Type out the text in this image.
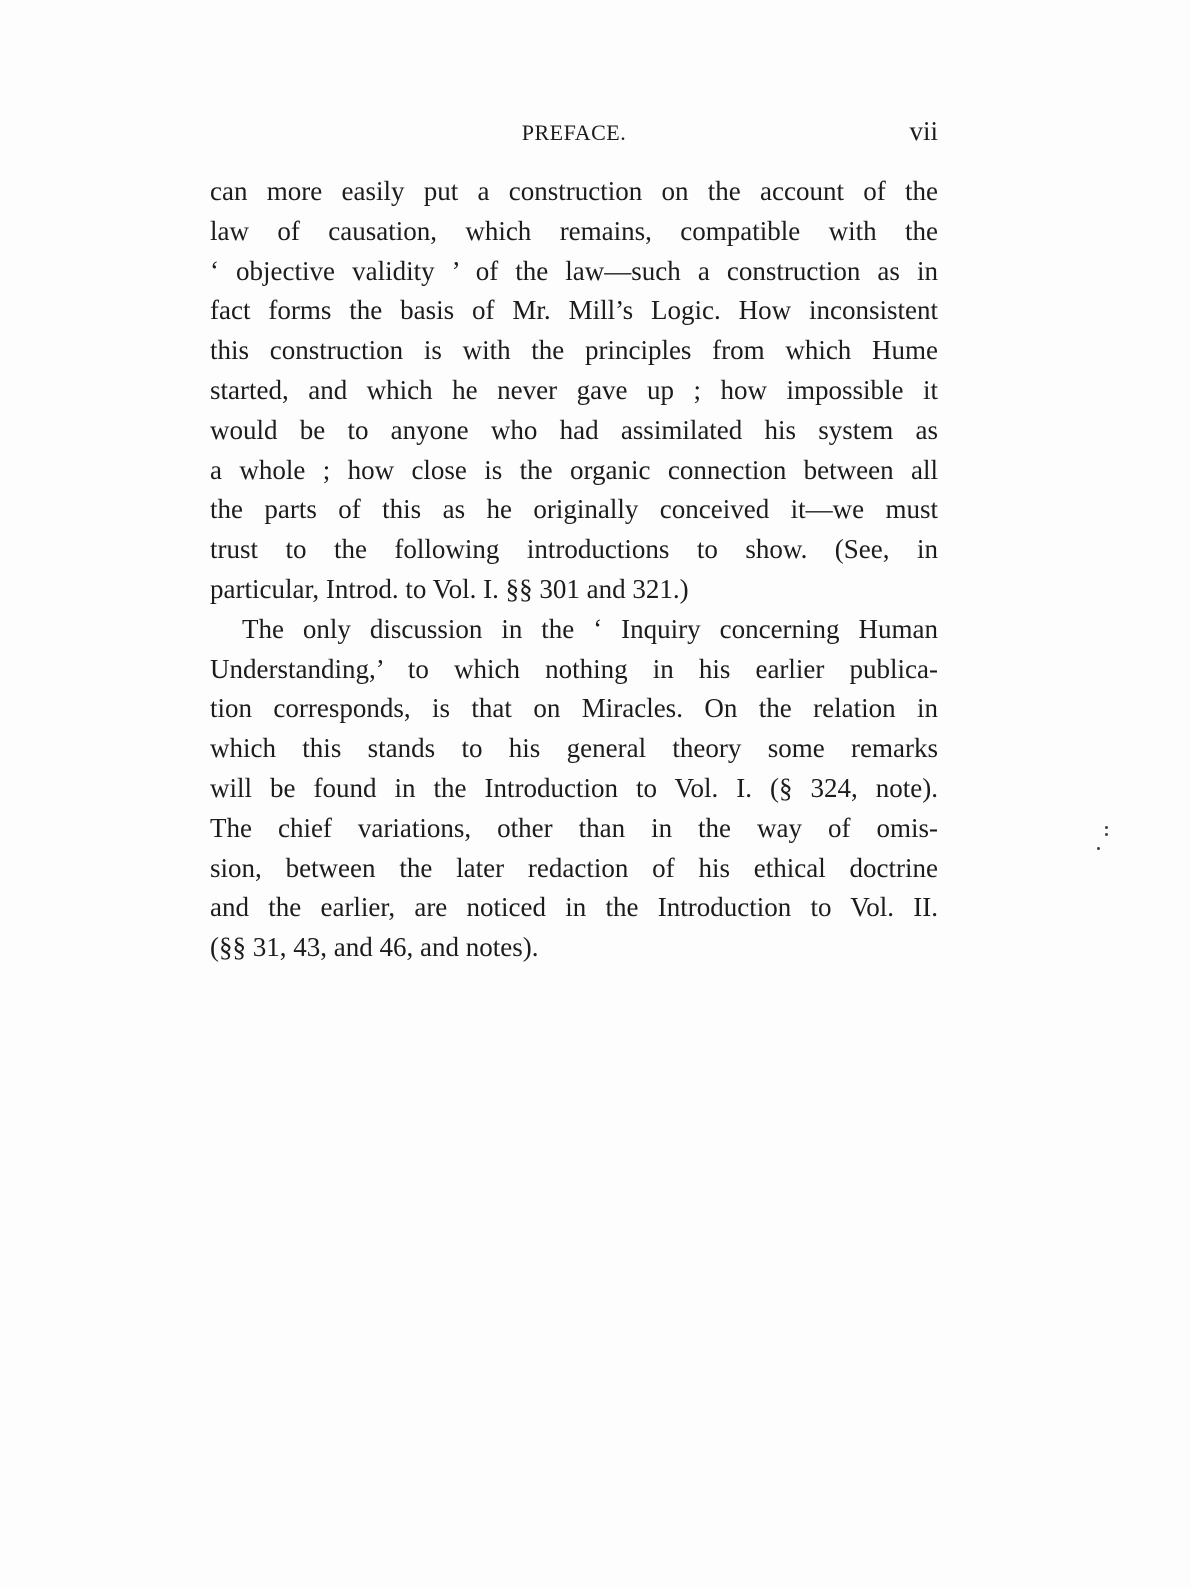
PREFACE.	vii
can more easily put a construction on the account of the
law of causation, which remains, compatible with the
‘ objective validity ’ of the law—such a construction as in
fact forms the basis of Mr. Mill’s Logic. How inconsistent
this construction is with the principles from which Hume
started, and which he never gave up ; how impossible it
would be to anyone who had assimilated his system as
a whole ; how close is the organic connection between all
the parts of this as he originally conceived it—we must
trust to the following introductions to show. (See, in
particular, Introd. to Vol. I. §§ 301 and 321.)
The only discussion in the ‘ Inquiry concerning Human
Understanding,’ to which nothing in his earlier publica-
tion corresponds, is that on Miracles. On the relation in
which this stands to his general theory some remarks
will be found in the Introduction to Vol. I. (§ 324, note).
The chief variations, other than in the way of omis-
sion, between the later redaction of his ethical doctrine
and the earlier, are noticed in the Introduction to Vol. II.
(§§ 31, 43, and 46, and notes).
